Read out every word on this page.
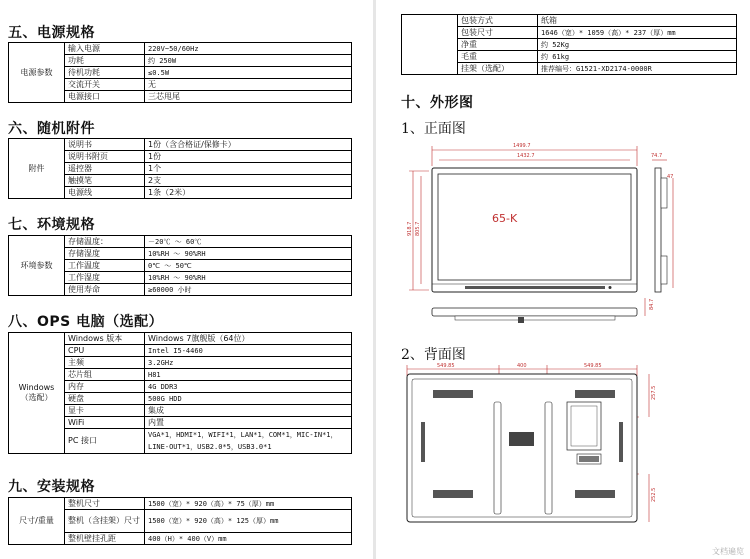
五、电源规格
电源参数	输入电源	220V~50/60Hz
	功耗	约 250W
	待机功耗	≤0.5W
	交流开关	无
	电源接口	三芯甩尾
六、随机附件
附件	说明书	1份（含合格证/保修卡）
	说明书附页	1份
	遥控器	1个
	触摸笔	2支
	电源线	1条（2米）
七、环境规格
环境参数	存储温度：	－20℃ ～ 60℃
	存储湿度	10%RH ～ 90%RH
	工作温度	0℃ ～ 50℃
	工作湿度	10%RH ～ 90%RH
	使用寿命	≥60000 小时
八、OPS 电脑（选配）
Windows
（选配）	Windows 版本	Windows 7旗舰版（64位）
	CPU	Intel I5-4460
	主频	3.2GHz
	芯片组	H81
	内存	4G DDR3
	硬盘	500G HDD
	显卡	集成
	WiFi	内置
	PC 接口	VGA*1，HDMI*1，WIFI*1，LAN*1，COM*1，MIC-IN*1，
LINE-OUT*1，USB2.0*5，USB3.0*1
九、安装规格
尺寸/重量	整机尺寸	1500（宽）* 920（高）* 75（厚）mm
	整机（含挂架）尺寸	1500（宽）* 920（高）* 125（厚）mm
	整机壁挂孔距	400（H）* 400（V）mm
	包装方式	纸箱
	包装尺寸	1646（宽）* 1059（高）* 237（厚）mm
	净重	约 52Kg
	毛重	约 61kg
	挂架（选配）	推荐编号：G1521-XD2174-0000R
十、外形图
1、正面图
1499.7
1432.7
918.7 805.7
74.7
47
84.7
65-K
2、背面图
549.85	400	549.85
257.5
252.5
文档遍览
